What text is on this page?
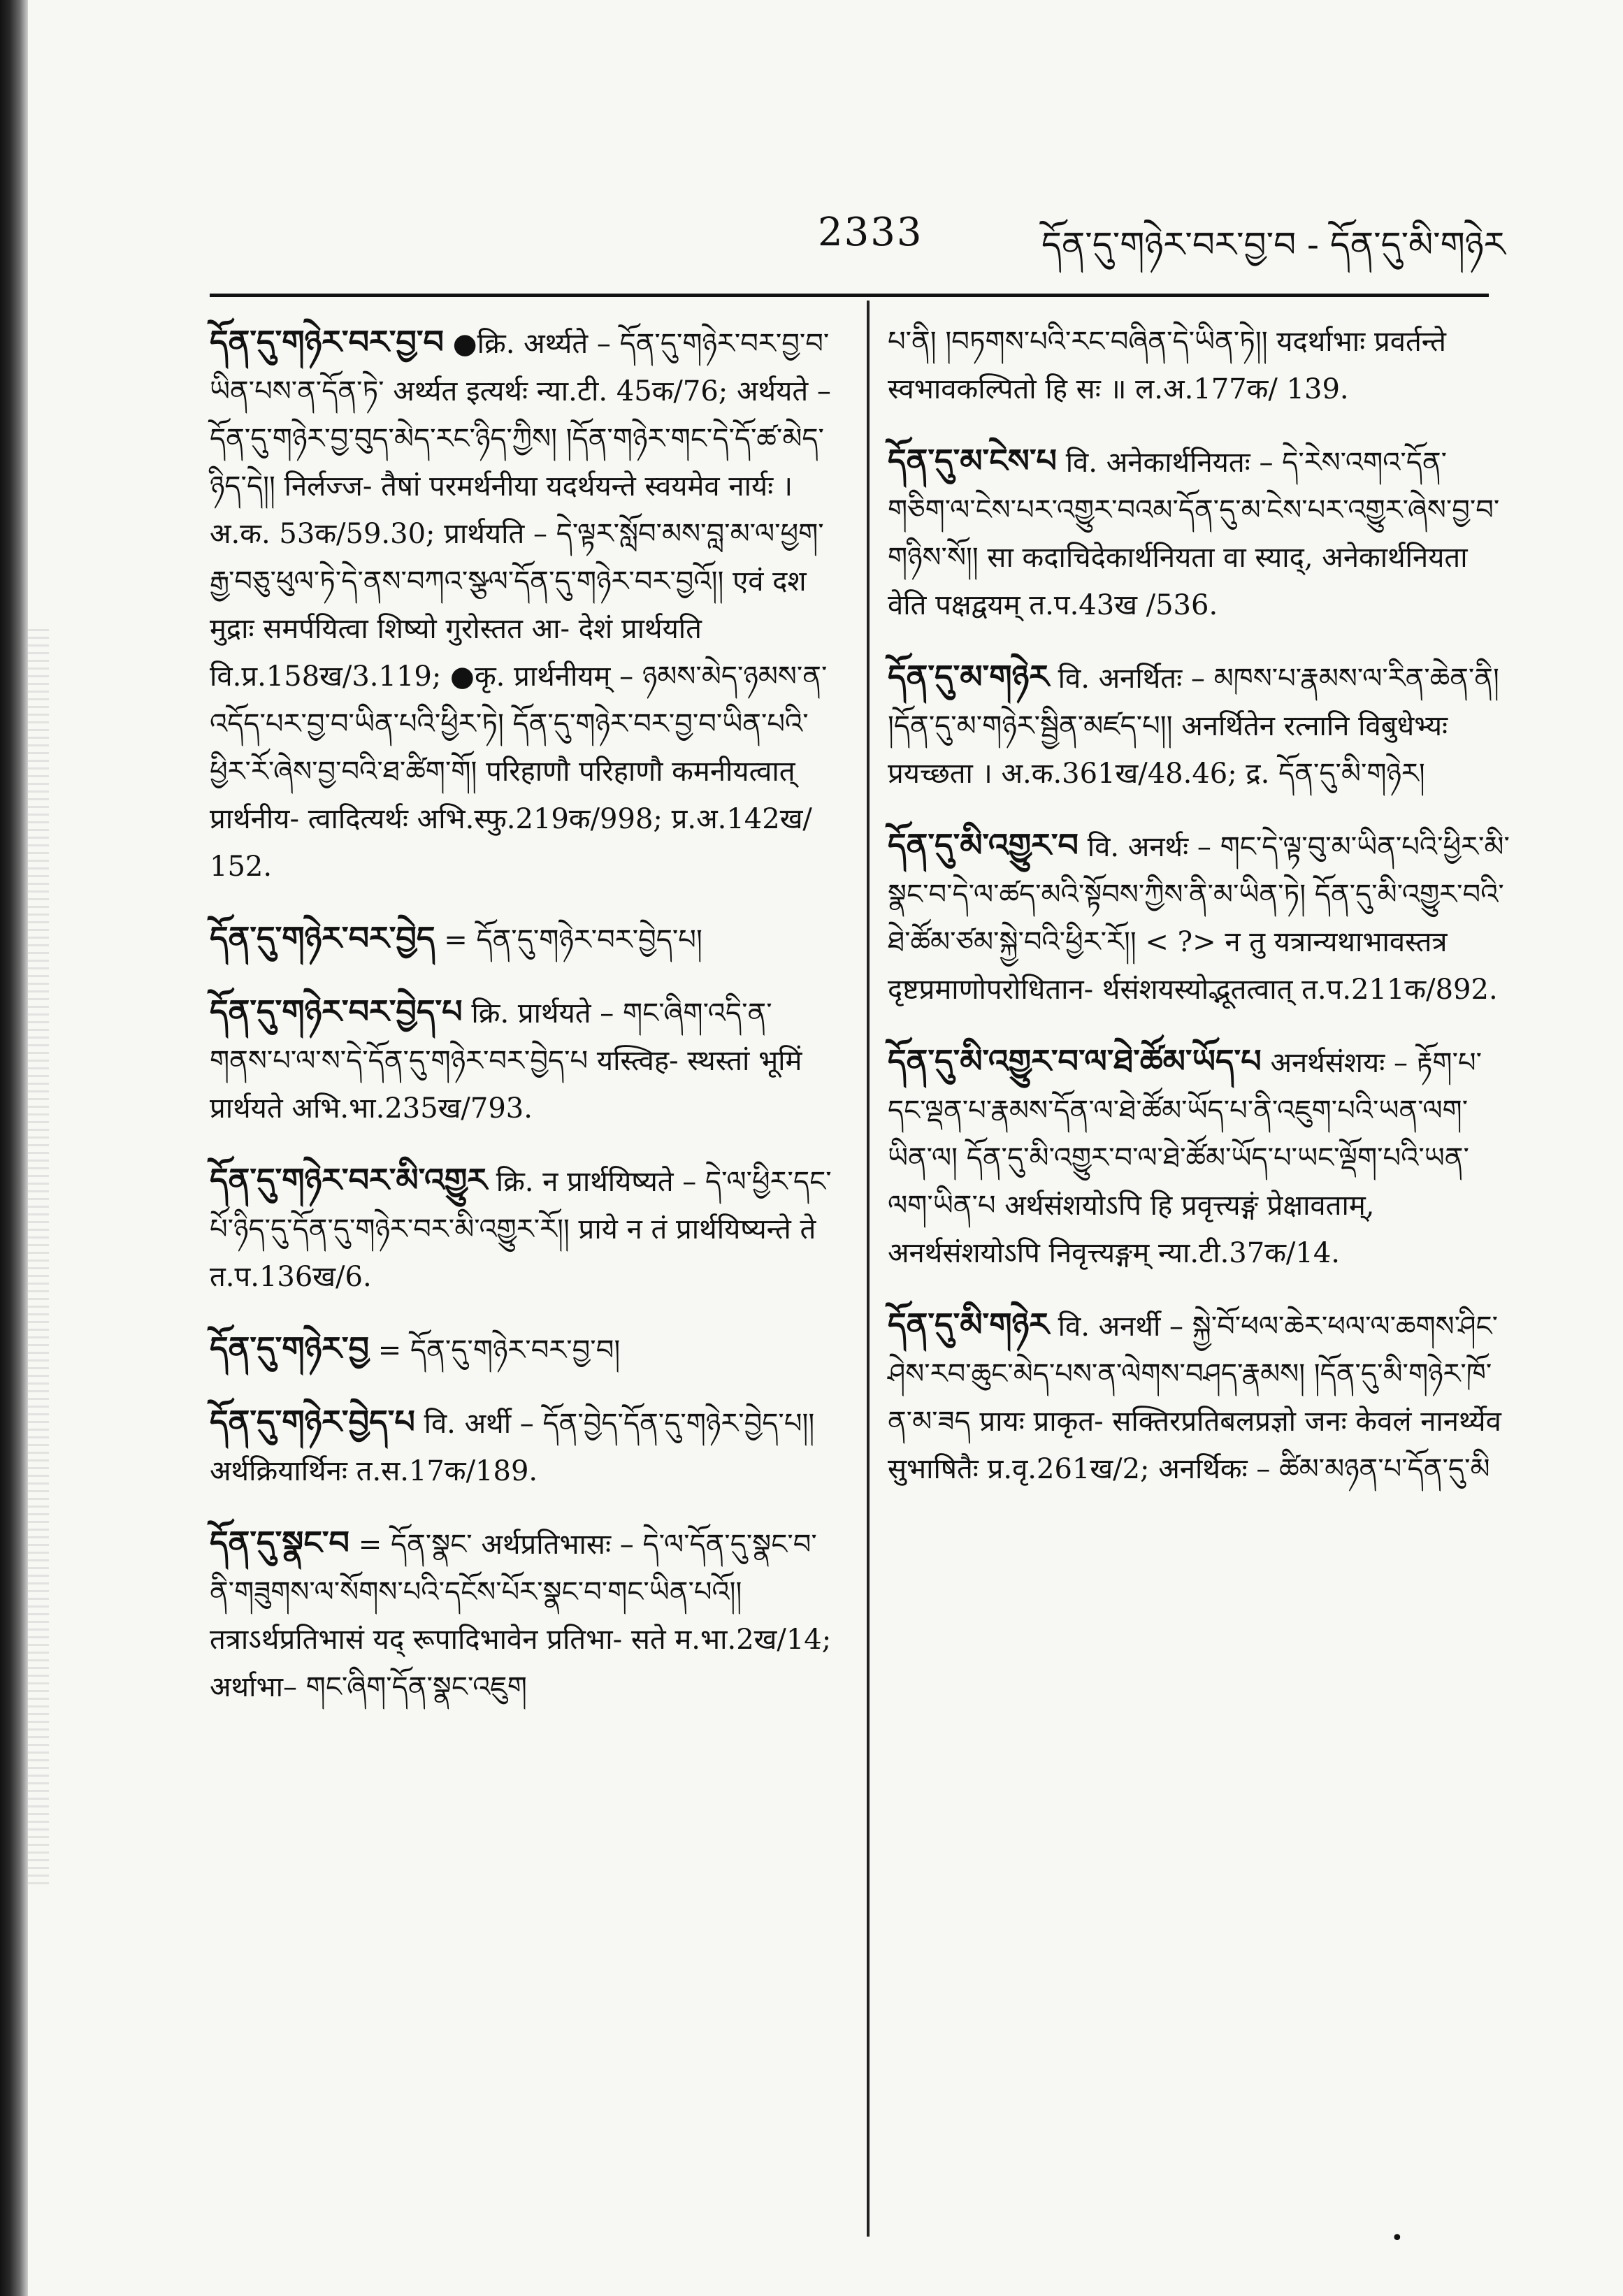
2333	དོན་དུ་གཉེར་བར་བྱ་བ - དོན་དུ་མི་གཉེར
དོན་དུ་གཉེར་བར་བྱ་བ ●क्रि. अर्थ्यते – དོན་དུ་གཉེར་བར་བྱ་བ་ཡིན་པས་ན་དོན་ཏེ་ अर्थ्यत इत्यर्थः न्या.टी. 45क/76; अर्थयते – དོན་དུ་གཉེར་བྱ་བུད་མེད་རང་ཉིད་ཀྱིས། །དོན་གཉེར་གང་དེ་དོ་ཚ་མེད་ཉིད་དེ།། निर्लज्ज- तैषां परमर्थनीया यदर्थयन्ते स्वयमेव नार्यः । अ.क. 53क/59.30; प्रार्थयति – དེ་ལྟར་སློབ་མས་བླ་མ་ལ་ཕྱག་རྒྱ་བཅུ་ཕུལ་ཏེ་དེ་ནས་བཀའ་སྩལ་དོན་དུ་གཉེར་བར་བྱའོ།། एवं दश मुद्राः समर्पयित्वा शिष्यो गुरोस्तत आ- देशं प्रार्थयति वि.प्र.158ख/3.119; ●कृ. प्रार्थनीयम् – ཉམས་མེད་ཉམས་ན་འདོད་པར་བྱ་བ་ཡིན་པའི་ཕྱིར་ཏེ། དོན་དུ་གཉེར་བར་བྱ་བ་ཡིན་པའི་ཕྱིར་རོ་ཞེས་བྱ་བའི་ཐ་ཚིག་གོ། परिहाणौ परिहाणौ कमनीयत्वात् प्रार्थनीय- त्वादित्यर्थः अभि.स्फु.219क/998; प्र.अ.142ख/ 152.
དོན་དུ་གཉེར་བར་བྱེད = དོན་དུ་གཉེར་བར་བྱེད་པ།
དོན་དུ་གཉེར་བར་བྱེད་པ क्रि. प्रार्थयते – གང་ཞིག་འདི་ན་གནས་པ་ལ་ས་དེ་དོན་དུ་གཉེར་བར་བྱེད་པ यस्त्विह- स्थस्तां भूमिं प्रार्थयते अभि.भा.235ख/793.
དོན་དུ་གཉེར་བར་མི་འགྱུར क्रि. न प्रार्थयिष्यते – དེ་ལ་ཕྱིར་དང་པོ་ཉིད་དུ་དོན་དུ་གཉེར་བར་མི་འགྱུར་རོ།། प्राये न तं प्रार्थयिष्यन्ते ते त.प.136ख/6.
དོན་དུ་གཉེར་བྱ = དོན་དུ་གཉེར་བར་བྱ་བ།
དོན་དུ་གཉེར་བྱེད་པ वि. अर्थी – དོན་བྱེད་དོན་དུ་གཉེར་བྱེད་པ།། अर्थक्रियार्थिनः त.स.17क/189.
དོན་དུ་སྣང་བ = དོན་སྣང་ अर्थप्रतिभासः – དེ་ལ་དོན་དུ་སྣང་བ་ནི་གཟུགས་ལ་སོགས་པའི་དངོས་པོར་སྣང་བ་གང་ཡིན་པའོ།། तत्राऽर्थप्रतिभासं यद् रूपादिभावेन प्रतिभा- सते म.भा.2ख/14; अर्थाभा– གང་ཞིག་དོན་སྣང་འཇུག
པ་ནི། །བཏགས་པའི་རང་བཞིན་དེ་ཡིན་ཏེ།། यदर्थाभाः प्रवर्तन्ते स्वभावकल्पितो हि सः ॥ ल.अ.177क/ 139.
དོན་དུ་མ་ངེས་པ वि. अनेकार्थनियतः – དེ་རེས་འགའ་དོན་གཅིག་ལ་ངེས་པར་འགྱུར་བའམ་དོན་དུ་མ་ངེས་པར་འགྱུར་ཞེས་བྱ་བ་གཉིས་སོ།། सा कदाचिदेकार्थनियता वा स्याद्, अनेकार्थनियता वेति पक्षद्वयम् त.प.43ख /536.
དོན་དུ་མ་གཉེར वि. अनर्थितः – མཁས་པ་རྣམས་ལ་རིན་ཆེན་ནི། །དོན་དུ་མ་གཉེར་སྦྱིན་མཛད་པ།། अनर्थितेन रत्नानि विबुधेभ्यः प्रयच्छता । अ.क.361ख/48.46; द्र. དོན་དུ་མི་གཉེར།
དོན་དུ་མི་འགྱུར་བ वि. अनर्थः – གང་དེ་ལྟ་བུ་མ་ཡིན་པའི་ཕྱིར་མི་སྣང་བ་དེ་ལ་ཚད་མའི་སྟོབས་ཀྱིས་ནི་མ་ཡིན་ཏེ། དོན་དུ་མི་འགྱུར་བའི་ཐེ་ཚོམ་ཙམ་སྐྱེ་བའི་ཕྱིར་རོ།། < ?> न तु यत्रान्यथाभावस्तत्र दृष्टप्रमाणोपरोधितान- र्थसंशयस्योद्भूतत्वात् त.प.211क/892.
དོན་དུ་མི་འགྱུར་བ་ལ་ཐེ་ཚོམ་ཡོད་པ अनर्थसंशयः – རྟོག་པ་དང་ལྡན་པ་རྣམས་དོན་ལ་ཐེ་ཚོམ་ཡོད་པ་ནི་འཇུག་པའི་ཡན་ལག་ཡིན་ལ། དོན་དུ་མི་འགྱུར་བ་ལ་ཐེ་ཚོམ་ཡོད་པ་ཡང་ལྡོག་པའི་ཡན་ལག་ཡིན་པ अर्थसंशयोऽपि हि प्रवृत्त्यङ्गं प्रेक्षावताम्, अनर्थसंशयोऽपि निवृत्त्यङ्गम् न्या.टी.37क/14.
དོན་དུ་མི་གཉེར वि. अनर्थी – སྐྱེ་བོ་ཕལ་ཆེར་ཕལ་ལ་ཆགས་ཤིང་ཤེས་རབ་ཆུང་མེད་པས་ན་ལེགས་བཤད་རྣམས། །དོན་དུ་མི་གཉེར་ཁོ་ན་མ་ཟད प्रायः प्राकृत- सक्तिरप्रतिबलप्रज्ञो जनः केवलं नानर्थ्येव सुभाषितैः प्र.वृ.261ख/2; अनर्थिकः – ཚིམ་མཉན་པ་དོན་དུ་མི
•
